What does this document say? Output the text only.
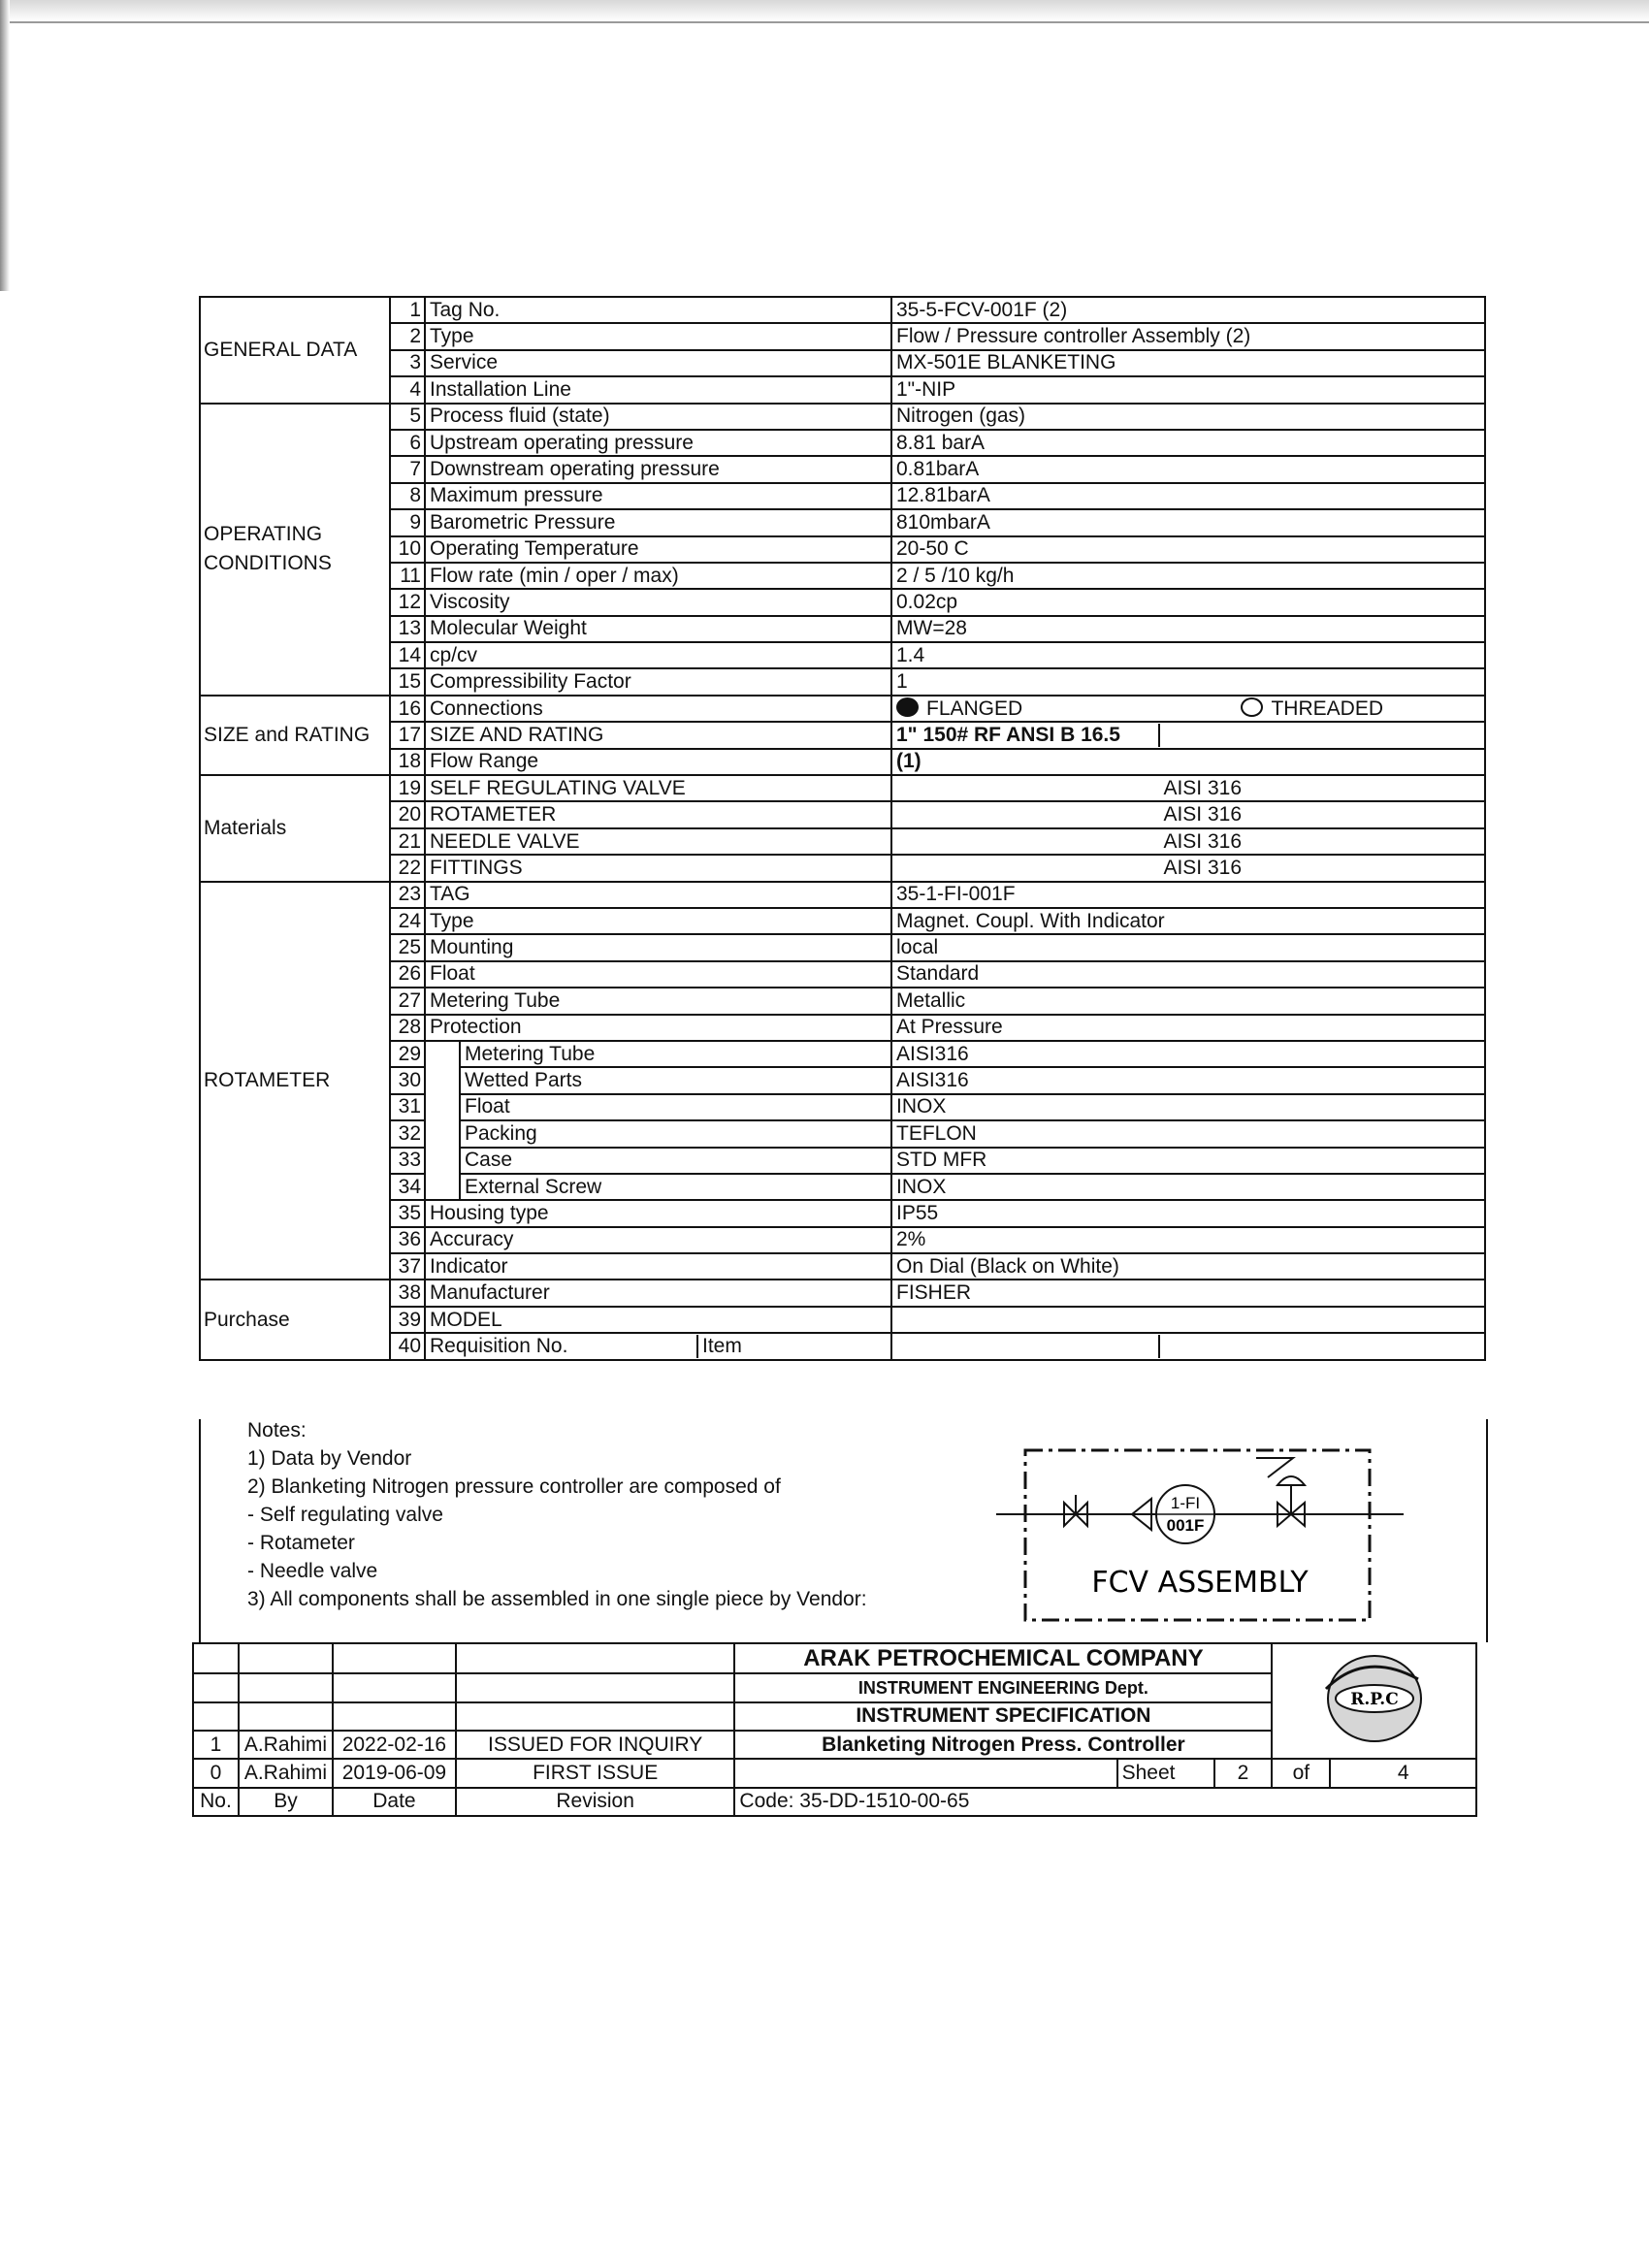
GENERAL DATA	1	Tag No.		35-5-FCV-001F (2)
	2	Type		Flow / Pressure controller Assembly (2)
	3	Service		MX-501E BLANKETING
	4	Installation Line		1"-NIP
OPERATING CONDITIONS	5	Process fluid (state)		Nitrogen (gas)
	6	Upstream operating pressure		8.81 barA
	7	Downstream operating pressure		0.81barA
	8	Maximum pressure		12.81barA
	9	Barometric Pressure		810mbarA
	10	Operating Temperature		20-50 C
	11	Flow rate (min / oper / max)		2 / 5 /10 kg/h
	12	Viscosity		0.02cp
	13	Molecular Weight		MW=28
	14	cp/cv		1.4
	15	Compressibility Factor		1
SIZE and RATING	16	Connections		FLANGED THREADED

	17	SIZE AND RATING		1" 150# RF ANSI B 16.5

	18	Flow Range		(1)
Materials	19	SELF REGULATING VALVE		AISI 316
	20	ROTAMETER		AISI 316
	21	NEEDLE VALVE		AISI 316
	22	FITTINGS		AISI 316
ROTAMETER	23	TAG		35-1-FI-001F
	24	Type		Magnet. Coupl. With Indicator
	25	Mounting		local
	26	Float		Standard
	27	Metering Tube		Metallic
	28	Protection		At Pressure
	29		Metering Tube	AISI316
	30		Wetted Parts	AISI316
	31		Float	INOX
	32		Packing	TEFLON
	33		Case	STD MFR
	34		External Screw	INOX
	35	Housing type		IP55
	36	Accuracy		2%
	37	Indicator		On Dial (Black on White)
Purchase	38	Manufacturer		FISHER
	39	MODEL		
	40	Requisition No. Item		

Notes:
1) Data by Vendor
2) Blanketing Nitrogen pressure controller are composed of
- Self regulating valve
- Rotameter
- Needle valve
3) All components shall be assembled in one single piece by Vendor:
1-FI
001F
FCV ASSEMBLY
				ARAK PETROCHEMICAL COMPANY			R.P.C	

				INSTRUMENT ENGINEERING Dept.				
				INSTRUMENT SPECIFICATION				
1	A.Rahimi	2022-02-16	ISSUED FOR INQUIRY	Blanketing Nitrogen Press. Controller				
0	A.Rahimi	2019-06-09	FIRST ISSUE		Sheet	2	of	4
No.	By	Date	Revision	Code: 35-DD-1510-00-65				
